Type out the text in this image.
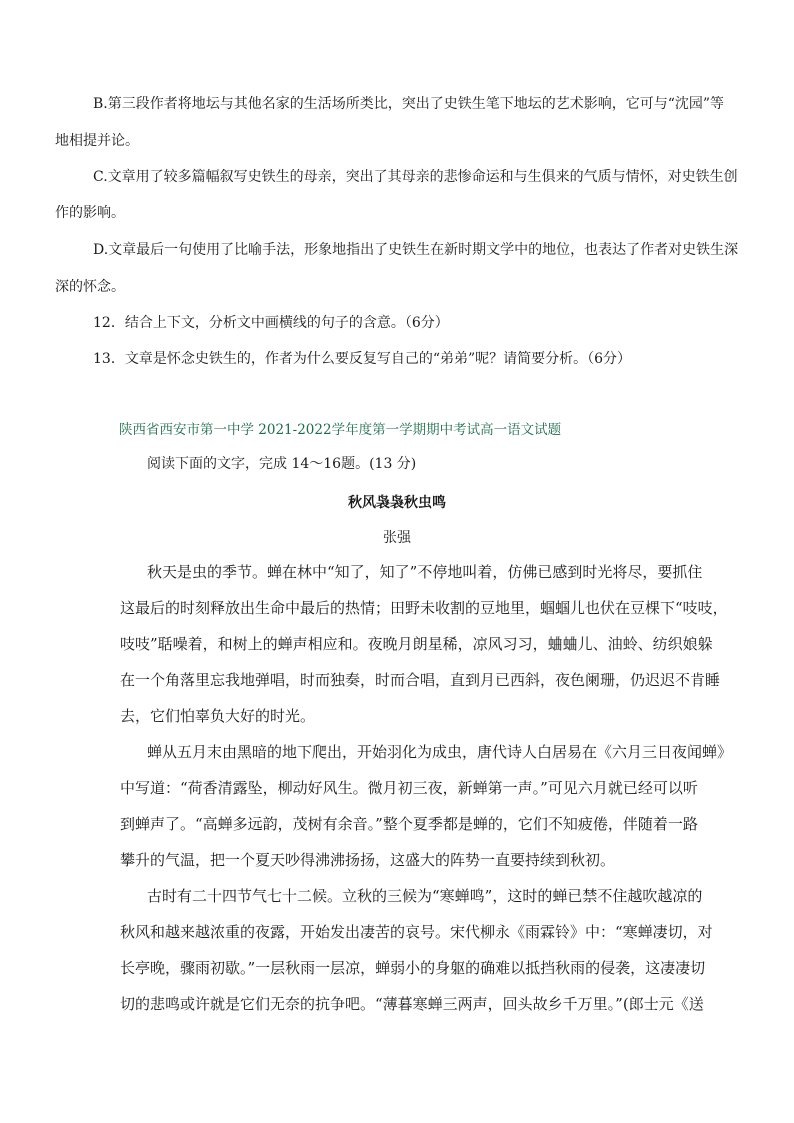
B.第三段作者将地坛与其他名家的生活场所类比，突出了史铁生笔下地坛的艺术影响，它可与“沈园”等
地相提并论。
C.文章用了较多篇幅叙写史铁生的母亲，突出了其母亲的悲惨命运和与生俱来的气质与情怀，对史铁生创
作的影响。
D.文章最后一句使用了比喻手法，形象地指出了史铁生在新时期文学中的地位，也表达了作者对史铁生深
深的怀念。
12．结合上下文，分析文中画横线的句子的含意。（6分）
13．文章是怀念史铁生的，作者为什么要反复写自己的“弟弟”呢？请简要分析。（6分）
陕西省西安市第一中学 2021-2022学年度第一学期期中考试高一语文试题
阅读下面的文字，完成 14～16题。(13 分)
秋风袅袅秋虫鸣
张强
秋天是虫的季节。蝉在林中“知了，知了”不停地叫着，仿佛已感到时光将尽，要抓住
这最后的时刻释放出生命中最后的热情；田野未收割的豆地里，蝈蝈儿也伏在豆棵下“吱吱，
吱吱”聒噪着，和树上的蝉声相应和。夜晚月朗星稀，凉风习习，蛐蛐儿、油蛉、纺织娘躲
在一个角落里忘我地弹唱，时而独奏，时而合唱，直到月已西斜，夜色阑珊，仍迟迟不肯睡
去，它们怕辜负大好的时光。
蝉从五月末由黑暗的地下爬出，开始羽化为成虫，唐代诗人白居易在《六月三日夜闻蝉》
中写道：“荷香清露坠，柳动好风生。微月初三夜，新蝉第一声。”可见六月就已经可以听
到蝉声了。“高蝉多远韵，茂树有余音。”整个夏季都是蝉的，它们不知疲倦，伴随着一路
攀升的气温，把一个夏天吵得沸沸扬扬，这盛大的阵势一直要持续到秋初。
古时有二十四节气七十二候。立秋的三候为“寒蝉鸣”，这时的蝉已禁不住越吹越凉的
秋风和越来越浓重的夜露，开始发出凄苦的哀号。宋代柳永《雨霖铃》中：“寒蝉凄切，对
长亭晚，骤雨初歇。”一层秋雨一层凉，蝉弱小的身躯的确难以抵挡秋雨的侵袭，这凄凄切
切的悲鸣或许就是它们无奈的抗争吧。“薄暮寒蝉三两声，回头故乡千万里。”(郎士元《送
